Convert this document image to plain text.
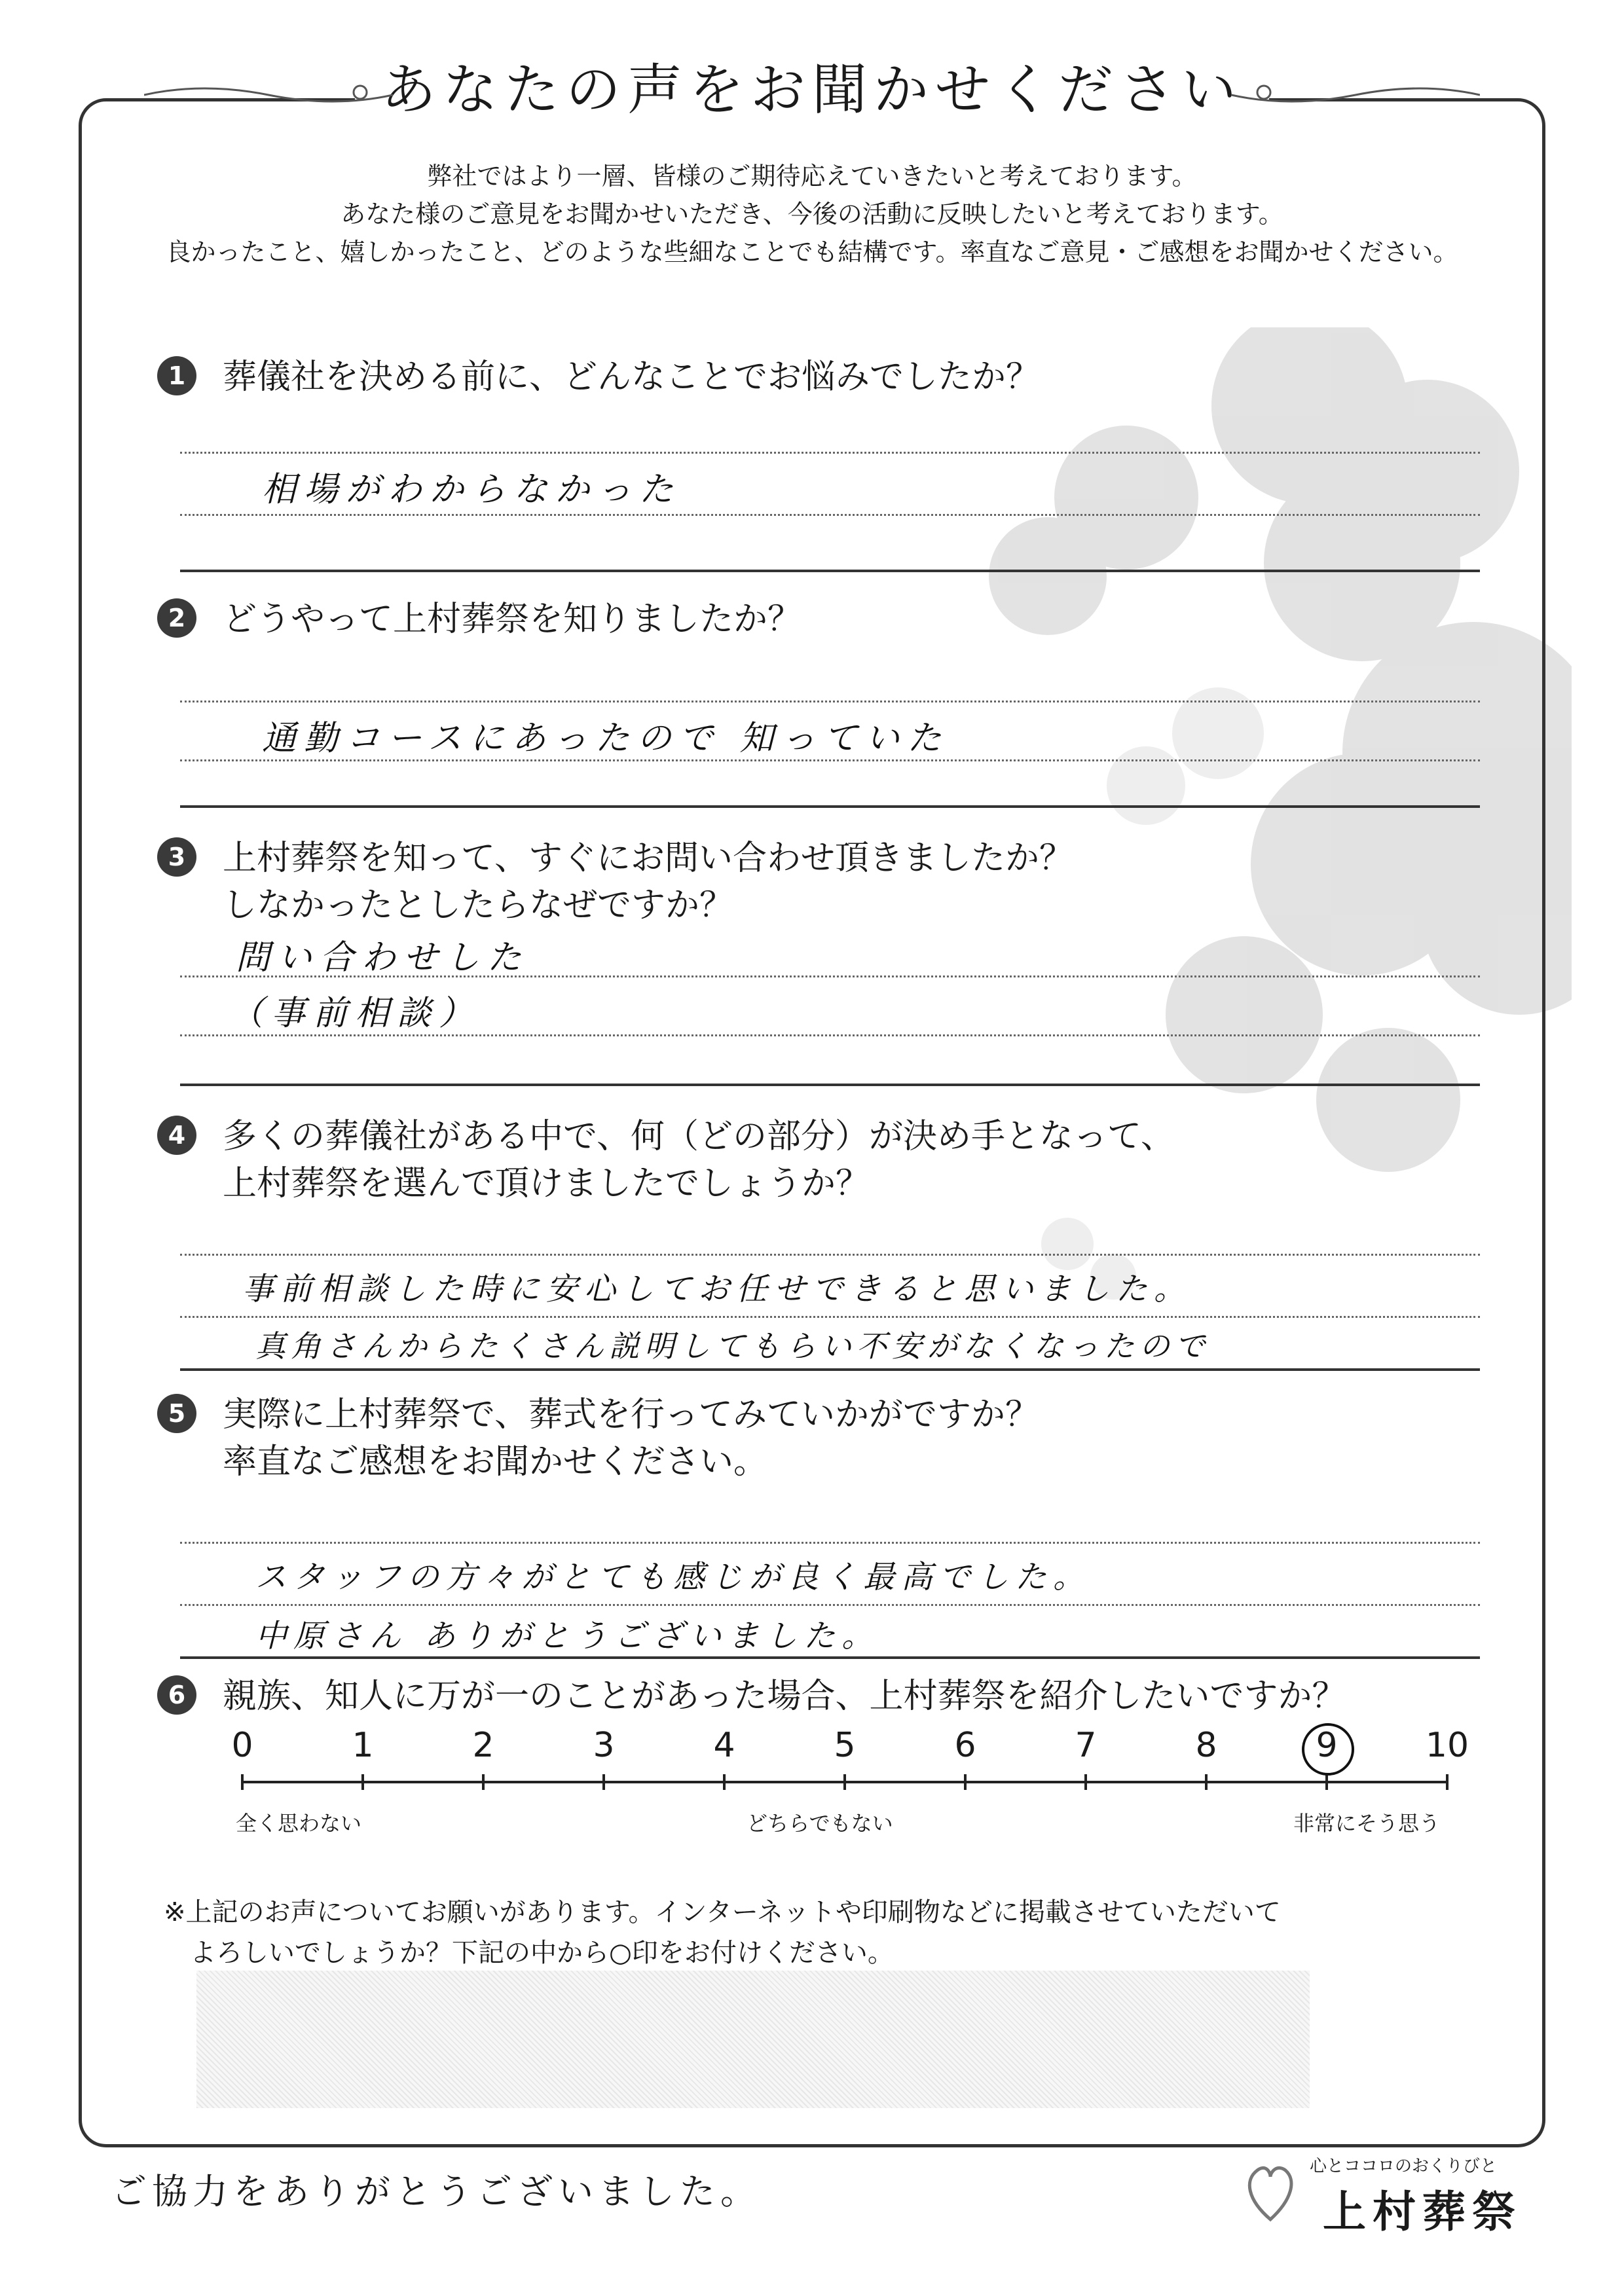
あなたの声をお聞かせください
弊社ではより一層、皆様のご期待応えていきたいと考えております。
あなた様のご意見をお聞かせいただき、今後の活動に反映したいと考えております。
良かったこと、嬉しかったこと、どのような些細なことでも結構です。率直なご意見・ご感想をお聞かせください。
1	葬儀社を決める前に、どんなことでお悩みでしたか？
相場がわからなかった
2	どうやって上村葬祭を知りましたか？
通勤コースにあったので 知っていた
3	上村葬祭を知って、すぐにお問い合わせ頂きましたか？
しなかったとしたらなぜですか？
問い合わせした
（事前相談）
4	多くの葬儀社がある中で、何（どの部分）が決め手となって、
上村葬祭を選んで頂けましたでしょうか？
事前相談した時に安心してお任せできると思いました。
真角さんからたくさん説明してもらい不安がなくなったので
5	実際に上村葬祭で、葬式を行ってみていかがですか？
率直なご感想をお聞かせください。
スタッフの方々がとても感じが良く最高でした。
中原さん ありがとうございました。
6	親族、知人に万が一のことがあった場合、上村葬祭を紹介したいですか？
0	1	2	3	4	5	6	7	8	9	10
全く思わない	どちらでもない	非常にそう思う
※上記のお声についてお願いがあります。インターネットや印刷物などに掲載させていただいて
よろしいでしょうか？下記の中から○印をお付けください。
ご協力をありがとうございました。
心とココロのおくりびと
上村葬祭
